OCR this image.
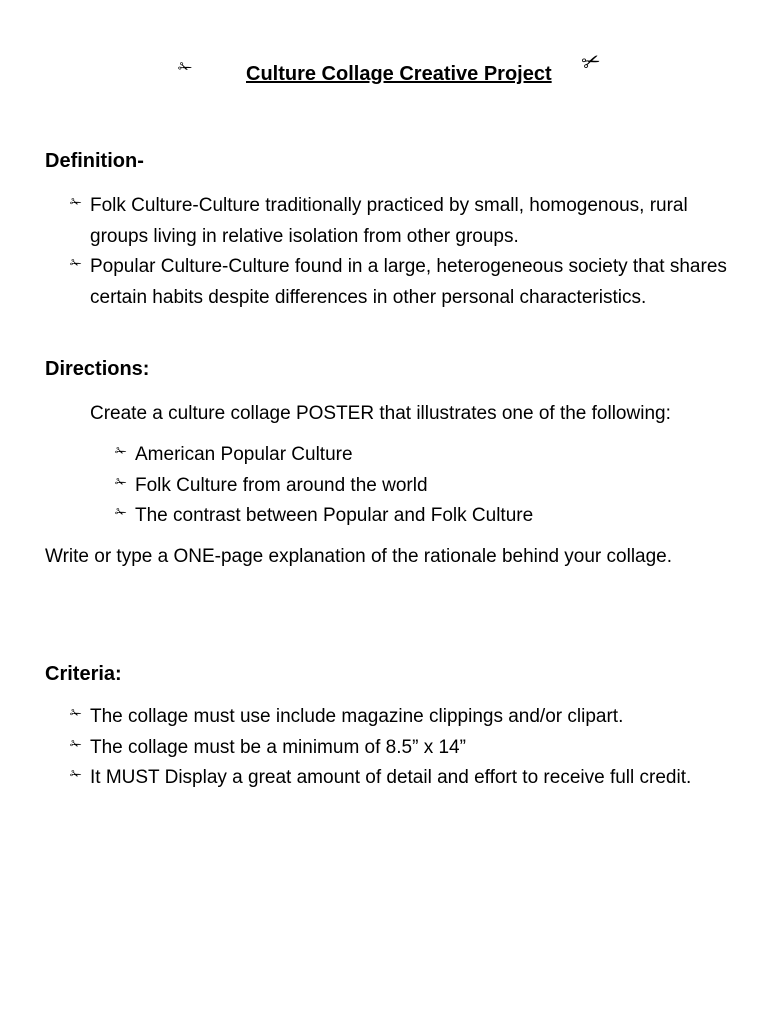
✁	Culture Collage Creative Project ✂
Definition-
✁ Folk Culture-Culture traditionally practiced by small, homogenous, rural groups living in relative isolation from other groups.
✁ Popular Culture-Culture found in a large, heterogeneous society that shares certain habits despite differences in other personal characteristics.
Directions:

Create a culture collage POSTER that illustrates one of the following:

✁ American Popular Culture
✁ Folk Culture from around the world
✁ The contrast between Popular and Folk Culture

Write or type a ONE-page explanation of the rationale behind your collage.

Criteria:
✁ The collage must use include magazine clippings and/or clipart.
✁ The collage must be a minimum of 8.5” x 14”
✁ It MUST Display a great amount of detail and effort to receive full credit.
